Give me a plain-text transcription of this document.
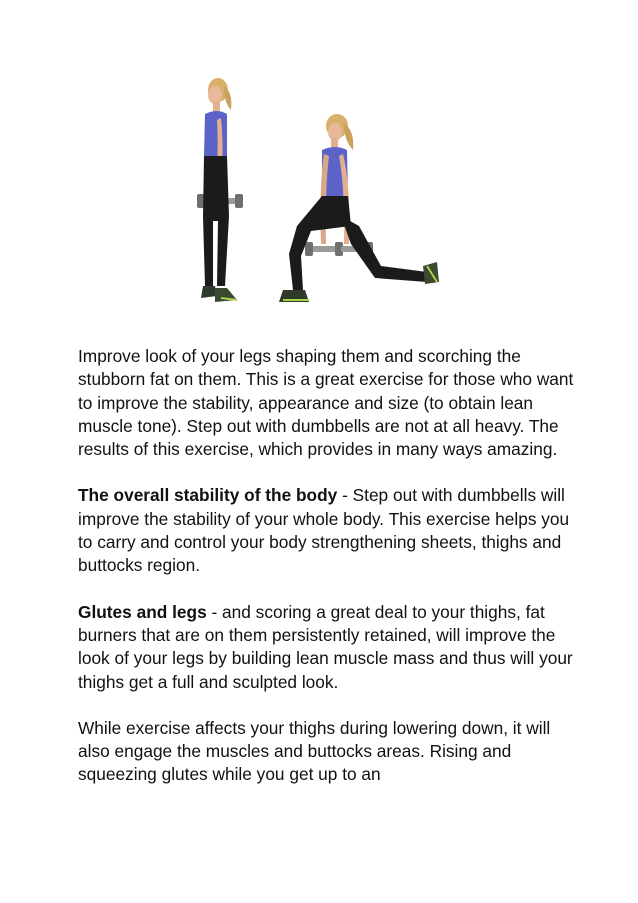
Improve look of your legs shaping them and scorching the stubborn fat on them. This is a great exercise for those who want to improve the stability, appearance and size (to obtain lean muscle tone). Step out with dumbbells are not at all heavy. The results of this exercise, which provides in many ways amazing.

The overall stability of the body - Step out with dumbbells will improve the stability of your whole body. This exercise helps you to carry and control your body strengthening sheets, thighs and buttocks region.

Glutes and legs - and scoring a great deal to your thighs, fat burners that are on them persistently retained, will improve the look of your legs by building lean muscle mass and thus will your thighs get a full and sculpted look.

While exercise affects your thighs during lowering down, it will also engage the muscles and buttocks areas. Rising and squeezing glutes while you get up to an
